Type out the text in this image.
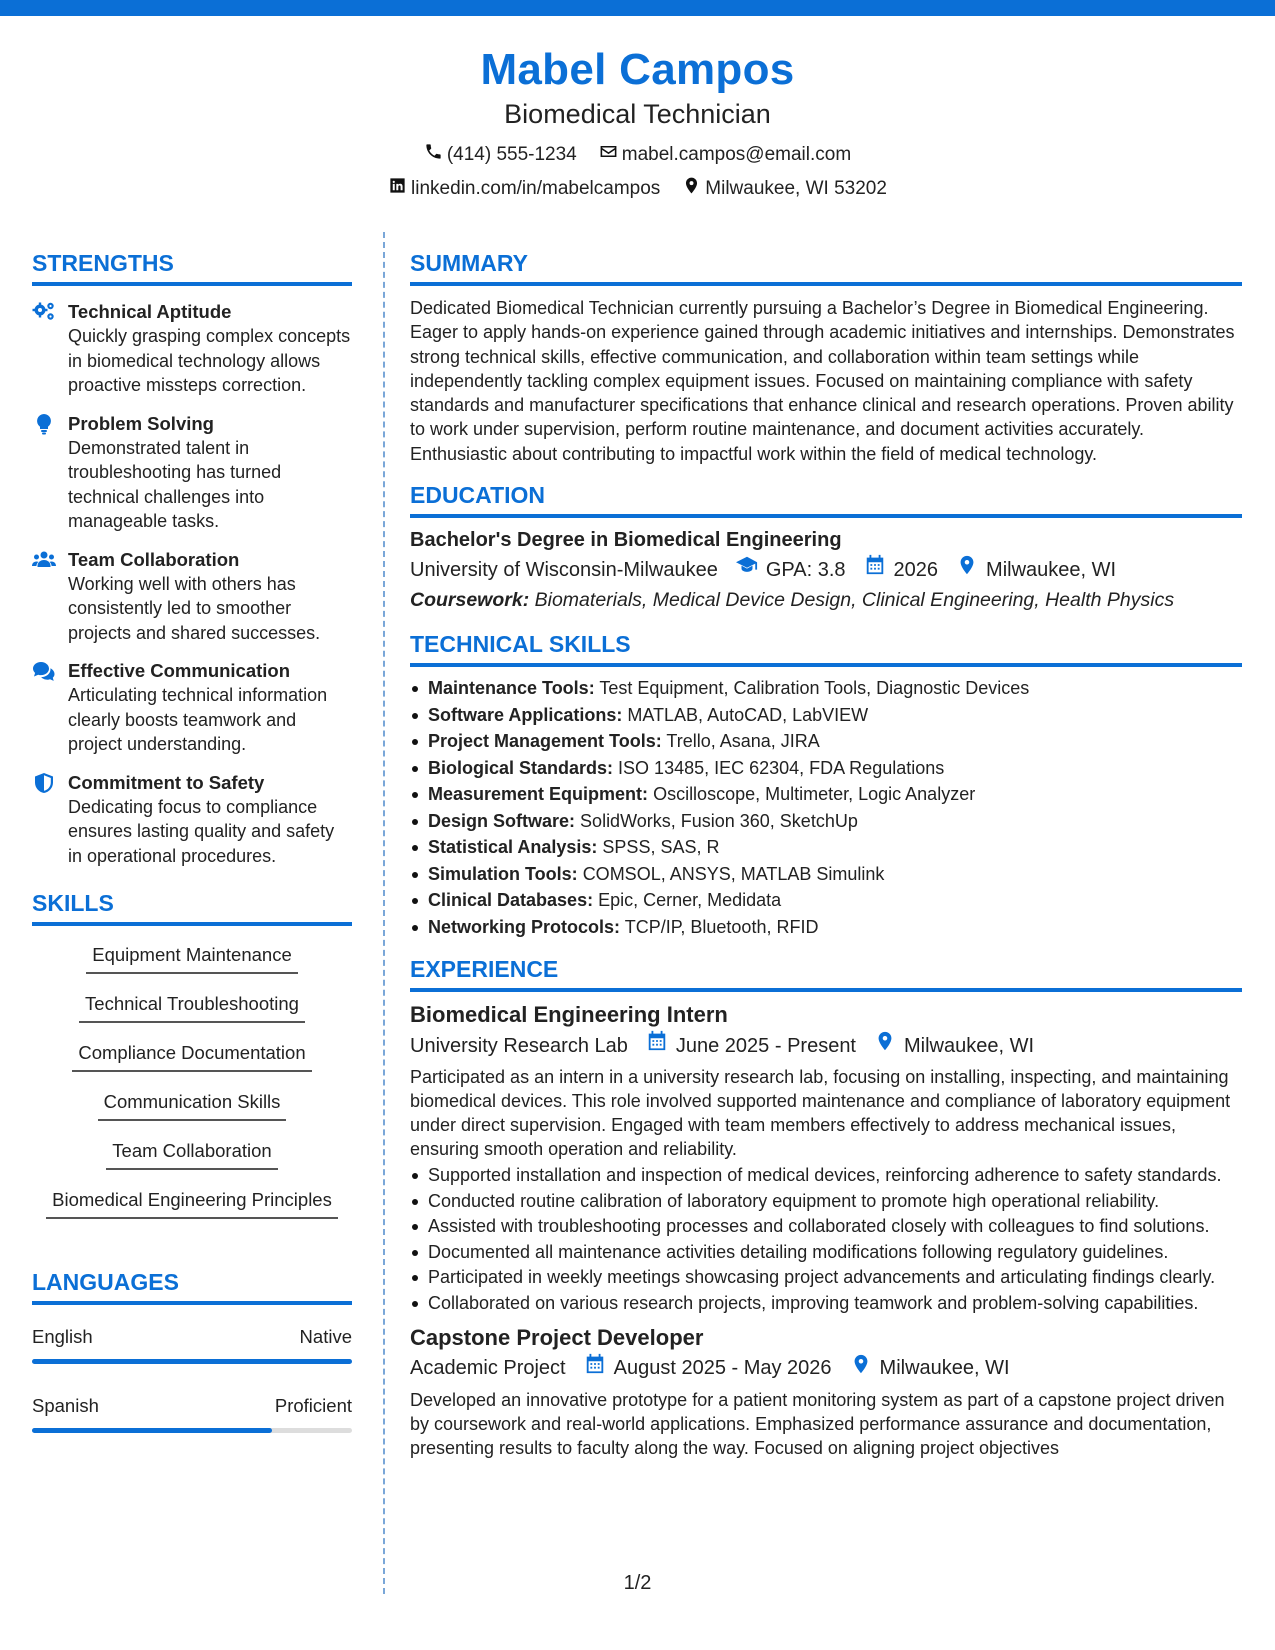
Mabel Campos
Biomedical Technician
(414) 555-1234 mabel.campos@email.com
linkedin.com/in/mabelcampos Milwaukee, WI 53202
STRENGTHS
Technical Aptitude
Quickly grasping complex concepts in biomedical technology allows proactive missteps correction.
Problem Solving
Demonstrated talent in troubleshooting has turned technical challenges into manageable tasks.
Team Collaboration
Working well with others has consistently led to smoother projects and shared successes.
Effective Communication
Articulating technical information clearly boosts teamwork and project understanding.
Commitment to Safety
Dedicating focus to compliance ensures lasting quality and safety in operational procedures.
SKILLS
Equipment Maintenance
Technical Troubleshooting
Compliance Documentation
Communication Skills
Team Collaboration
Biomedical Engineering Principles
LANGUAGES
English	Native
Spanish	Proficient
SUMMARY
Dedicated Biomedical Technician currently pursuing a Bachelor’s Degree in Biomedical Engineering. Eager to apply hands-on experience gained through academic initiatives and internships. Demonstrates strong technical skills, effective communication, and collaboration within team settings while independently tackling complex equipment issues. Focused on maintaining compliance with safety standards and manufacturer specifications that enhance clinical and research operations. Proven ability to work under supervision, perform routine maintenance, and document activities accurately. Enthusiastic about contributing to impactful work within the field of medical technology.
EDUCATION
Bachelor's Degree in Biomedical Engineering
University of Wisconsin-Milwaukee GPA: 3.8 2026 Milwaukee, WI
Coursework: Biomaterials, Medical Device Design, Clinical Engineering, Health Physics
TECHNICAL SKILLS
Maintenance Tools: Test Equipment, Calibration Tools, Diagnostic Devices
Software Applications: MATLAB, AutoCAD, LabVIEW
Project Management Tools: Trello, Asana, JIRA
Biological Standards: ISO 13485, IEC 62304, FDA Regulations
Measurement Equipment: Oscilloscope, Multimeter, Logic Analyzer
Design Software: SolidWorks, Fusion 360, SketchUp
Statistical Analysis: SPSS, SAS, R
Simulation Tools: COMSOL, ANSYS, MATLAB Simulink
Clinical Databases: Epic, Cerner, Medidata
Networking Protocols: TCP/IP, Bluetooth, RFID
EXPERIENCE
Biomedical Engineering Intern
University Research Lab June 2025 - Present Milwaukee, WI
Participated as an intern in a university research lab, focusing on installing, inspecting, and maintaining biomedical devices. This role involved supported maintenance and compliance of laboratory equipment under direct supervision. Engaged with team members effectively to address mechanical issues, ensuring smooth operation and reliability.
Supported installation and inspection of medical devices, reinforcing adherence to safety standards.
Conducted routine calibration of laboratory equipment to promote high operational reliability.
Assisted with troubleshooting processes and collaborated closely with colleagues to find solutions.
Documented all maintenance activities detailing modifications following regulatory guidelines.
Participated in weekly meetings showcasing project advancements and articulating findings clearly.
Collaborated on various research projects, improving teamwork and problem-solving capabilities.
Capstone Project Developer
Academic Project August 2025 - May 2026 Milwaukee, WI
Developed an innovative prototype for a patient monitoring system as part of a capstone project driven by coursework and real-world applications. Emphasized performance assurance and documentation, presenting results to faculty along the way. Focused on aligning project objectives
1/2
